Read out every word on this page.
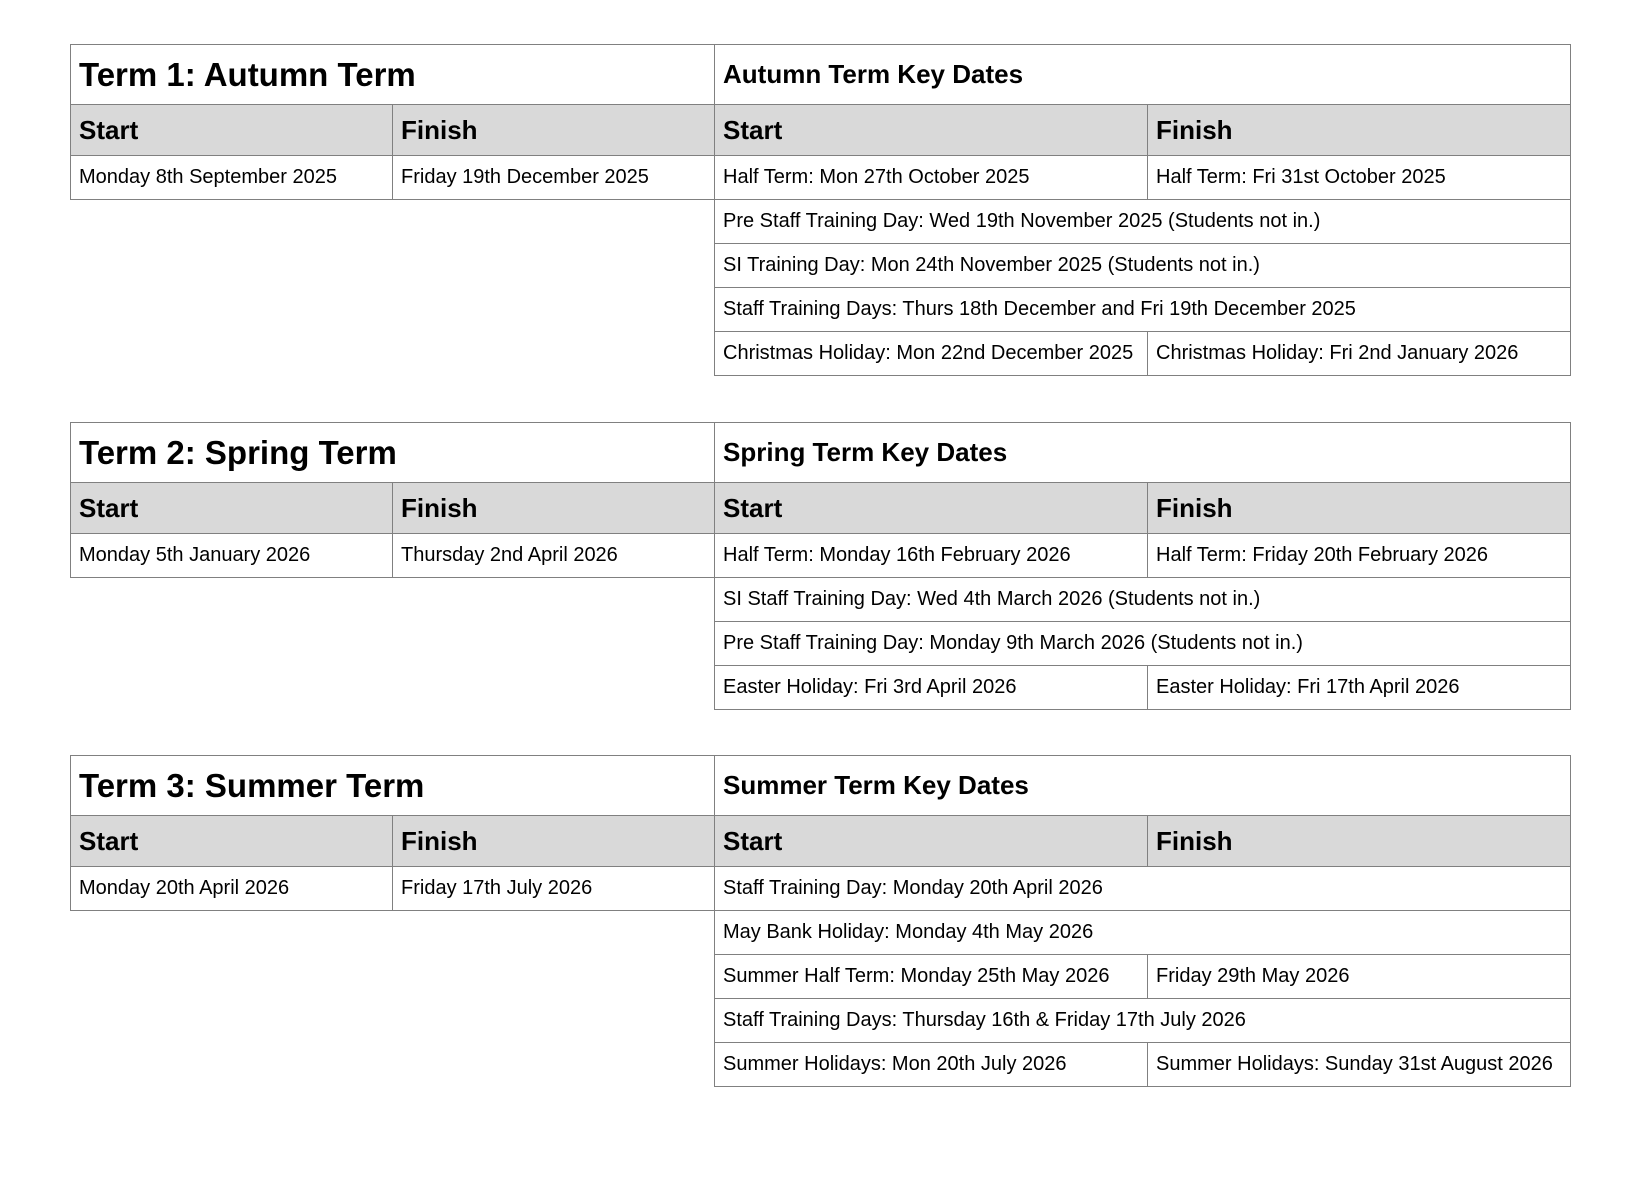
Term 1: Autumn Term	Autumn Term Key Dates
Start	Finish	Start	Finish
Monday 8th September 2025	Friday 19th December 2025	Half Term: Mon 27th October 2025	Half Term: Fri 31st October 2025
Pre Staff Training Day: Wed 19th November 2025 (Students not in.)
SI Training Day: Mon 24th November 2025 (Students not in.)
Staff Training Days: Thurs 18th December and Fri 19th December 2025
Christmas Holiday: Mon 22nd December 2025	Christmas Holiday: Fri 2nd January 2026
Term 2: Spring Term	Spring Term Key Dates
Start	Finish	Start	Finish
Monday 5th January 2026	Thursday 2nd April 2026	Half Term: Monday 16th February 2026	Half Term: Friday 20th February 2026
SI Staff Training Day: Wed 4th March 2026 (Students not in.)
Pre Staff Training Day: Monday 9th March 2026 (Students not in.)
Easter Holiday: Fri 3rd April 2026	Easter Holiday: Fri 17th April 2026
Term 3: Summer Term	Summer Term Key Dates
Start	Finish	Start	Finish
Monday 20th April 2026	Friday 17th July 2026	Staff Training Day: Monday 20th April 2026
May Bank Holiday: Monday 4th May 2026
Summer Half Term: Monday 25th May 2026	Friday 29th May 2026
Staff Training Days: Thursday 16th & Friday 17th July 2026
Summer Holidays: Mon 20th July 2026	Summer Holidays: Sunday 31st August 2026
